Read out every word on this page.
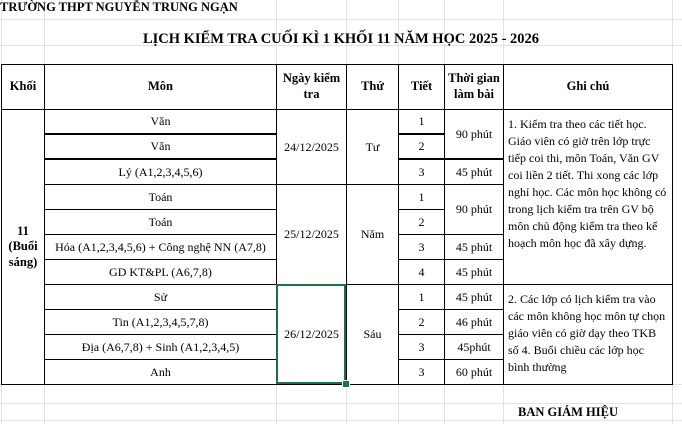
TRƯỜNG THPT NGUYỄN TRUNG NGẠN
LỊCH KIỂM TRA CUỐI KÌ 1 KHỐI 11 NĂM HỌC 2025 - 2026
Khối	Môn
Ngày kiểm
tra
Thứ	Tiết
Thời gian
làm bài
Ghi chú
11
(Buổi
sáng)
Văn
Văn
Lý (A1,2,3,4,5,6)
Toán
Toán
Hóa (A1,2,3,4,5,6) + Công nghệ NN (A7,8)
GD KT&PL (A6,7,8)
Sử
Tin (A1,2,3,4,5,7,8)
Địa (A6,7,8) + Sinh (A1,2,3,4,5)
Anh
24/12/2025
25/12/2025
26/12/2025
Tư
Năm
Sáu
1
2
3
1
2
3
4
1
2
3
3
90 phút
45 phút
90 phút
45 phút
45 phút
45 phút
46 phút
45phút
60 phút
1. Kiểm tra theo các tiết học. Giáo viên có giờ trên lớp trực tiếp coi thi, môn Toán, Văn GV coi liền 2 tiết. Thi xong các lớp nghỉ học. Các môn học không có trong lịch kiểm tra trên GV bộ môn chủ động kiểm tra theo kế hoạch môn học đã xây dựng.
2. Các lớp có lịch kiểm tra vào các môn không học môn tự chọn giáo viên có giờ dạy theo TKB số 4. Buổi chiều các lớp học bình thường
BAN GIÁM HIỆU
